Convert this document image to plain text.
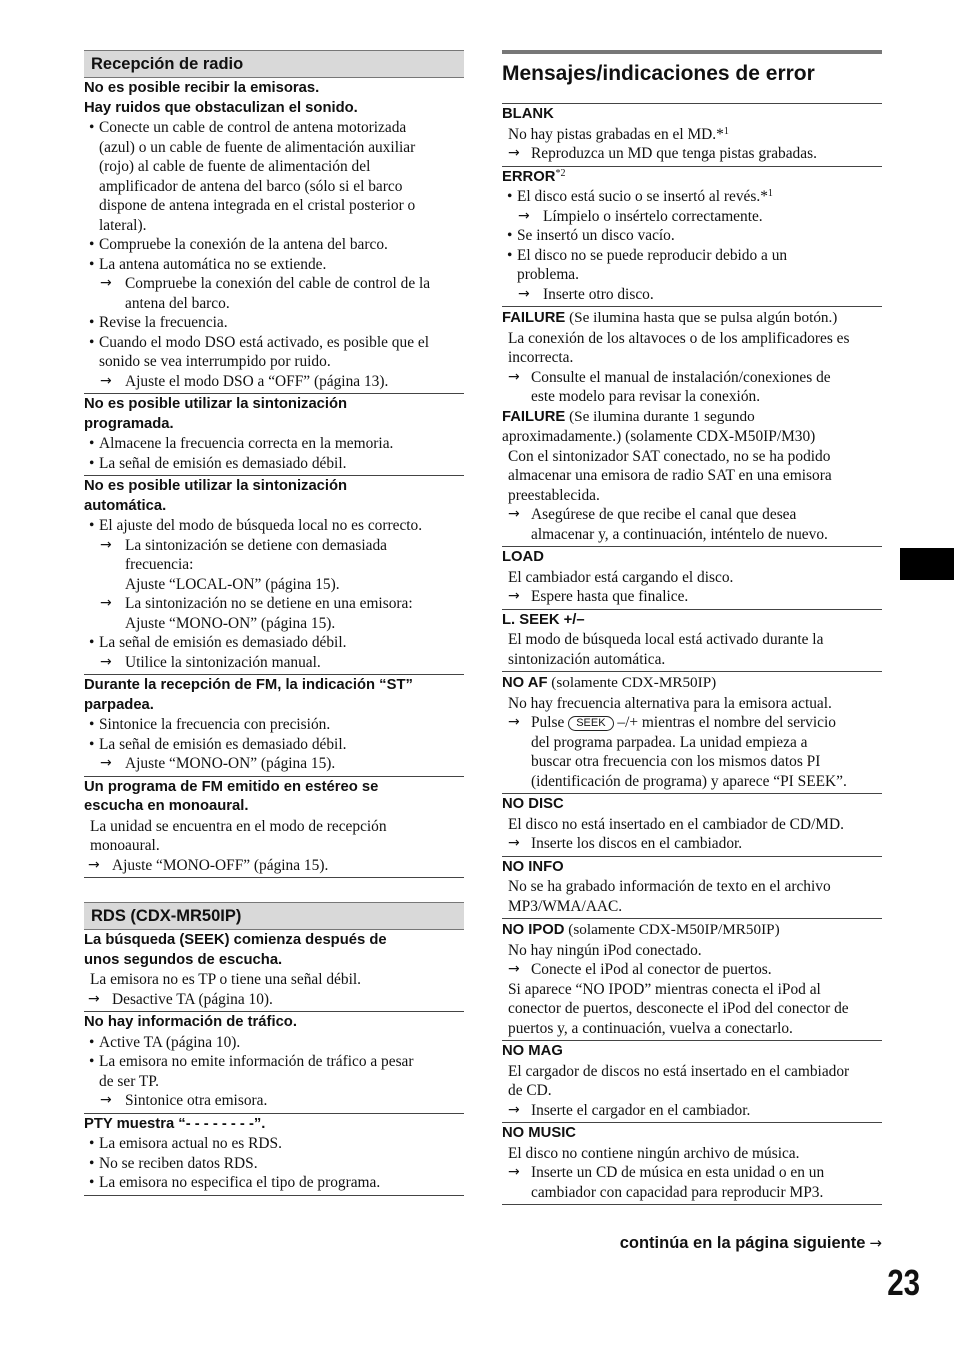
Recepción de radio
No es posible recibir la emisoras.
Hay ruidos que obstaculizan el sonido.
• Conecte un cable de control de antena motorizada
(azul) o un cable de fuente de alimentación auxiliar
(rojo) al cable de fuente de alimentación del
amplificador de antena del barco (sólo si el barco
dispone de antena integrada en el cristal posterior o
lateral).
• Compruebe la conexión de la antena del barco.
• La antena automática no se extiende.
→ Compruebe la conexión del cable de control de la
antena del barco.
• Revise la frecuencia.
• Cuando el modo DSO está activado, es posible que el
sonido se vea interrumpido por ruido.
→ Ajuste el modo DSO a “OFF” (página 13).
No es posible utilizar la sintonización
programada.
• Almacene la frecuencia correcta en la memoria.
• La señal de emisión es demasiado débil.
No es posible utilizar la sintonización
automática.
• El ajuste del modo de búsqueda local no es correcto.
→ La sintonización se detiene con demasiada
frecuencia:
Ajuste “LOCAL-ON” (página 15).
→ La sintonización no se detiene en una emisora:
Ajuste “MONO-ON” (página 15).
• La señal de emisión es demasiado débil.
→ Utilice la sintonización manual.
Durante la recepción de FM, la indicación “ST”
parpadea.
• Sintonice la frecuencia con precisión.
• La señal de emisión es demasiado débil.
→ Ajuste “MONO-ON” (página 15).
Un programa de FM emitido en estéreo se
escucha en monoaural.
La unidad se encuentra en el modo de recepción
monoaural.
→ Ajuste “MONO-OFF” (página 15).
RDS (CDX-MR50IP)
La búsqueda (SEEK) comienza después de
unos segundos de escucha.
La emisora no es TP o tiene una señal débil.
→ Desactive TA (página 10).
No hay información de tráfico.
• Active TA (página 10).
• La emisora no emite información de tráfico a pesar
de ser TP.
→ Sintonice otra emisora.
PTY muestra “- - - - - - - -”.
• La emisora actual no es RDS.
• No se reciben datos RDS.
• La emisora no especifica el tipo de programa.
Mensajes/indicaciones de error
BLANK
No hay pistas grabadas en el MD.*$^1$
→ Reproduzca un MD que tenga pistas grabadas.
ERROR$^{*2}$
• El disco está sucio o se insertó al revés.*$^1$
→ Límpielo o insértelo correctamente.
• Se insertó un disco vacío.
• El disco no se puede reproducir debido a un
problema.
→ Inserte otro disco.
FAILURE (Se ilumina hasta que se pulsa algún botón.)
La conexión de los altavoces o de los amplificadores es
incorrecta.
→ Consulte el manual de instalación/conexiones de
este modelo para revisar la conexión.
FAILURE (Se ilumina durante 1 segundo
aproximadamente.) (solamente CDX-M50IP/M30)
Con el sintonizador SAT conectado, no se ha podido
almacenar una emisora de radio SAT en una emisora
preestablecida.
→ Asegúrese de que recibe el canal que desea
almacenar y, a continuación, inténtelo de nuevo.
LOAD
El cambiador está cargando el disco.
→ Espere hasta que finalice.
L. SEEK +/–
El modo de búsqueda local está activado durante la
sintonización automática.
NO AF (solamente CDX-MR50IP)
No hay frecuencia alternativa para la emisora actual.
→ Pulse SEEK –/+ mientras el nombre del servicio
del programa parpadea. La unidad empieza a
buscar otra frecuencia con los mismos datos PI
(identificación de programa) y aparece “PI SEEK”.
NO DISC
El disco no está insertado en el cambiador de CD/MD.
→ Inserte los discos en el cambiador.
NO INFO
No se ha grabado información de texto en el archivo
MP3/WMA/AAC.
NO IPOD (solamente CDX-M50IP/MR50IP)
No hay ningún iPod conectado.
→ Conecte el iPod al conector de puertos.
Si aparece “NO IPOD” mientras conecta el iPod al
conector de puertos, desconecte el iPod del conector de
puertos y, a continuación, vuelva a conectarlo.
NO MAG
El cargador de discos no está insertado en el cambiador
de CD.
→ Inserte el cargador en el cambiador.
NO MUSIC
El disco no contiene ningún archivo de música.
→ Inserte un CD de música en esta unidad o en un
cambiador con capacidad para reproducir MP3.
continúa en la página siguiente →
23
